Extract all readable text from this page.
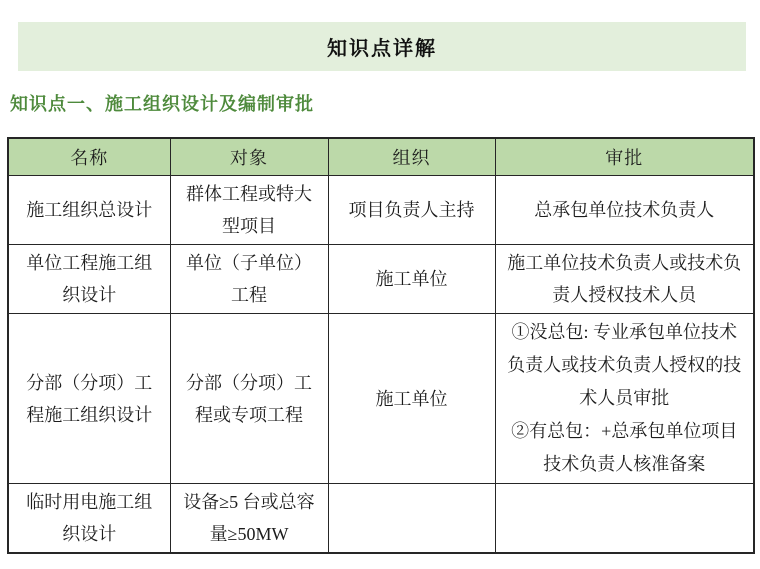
知识点详解
知识点一、施工组织设计及编制审批
名称	对象	组织	审批
施工组织总设计	群体工程或特大型项目	项目负责人主持	总承包单位技术负责人
单位工程施工组织设计	单位（子单位）工程	施工单位	施工单位技术负责人或技术负责人授权技术人员
分部（分项）工程施工组织设计	分部（分项）工程或专项工程	施工单位	①没总包: 专业承包单位技术负责人或技术负责人授权的技术人员审批
②有总包：+总承包单位项目技术负责人核准备案

临时用电施工组织设计	设备≥5 台或总容量≥50MW		
